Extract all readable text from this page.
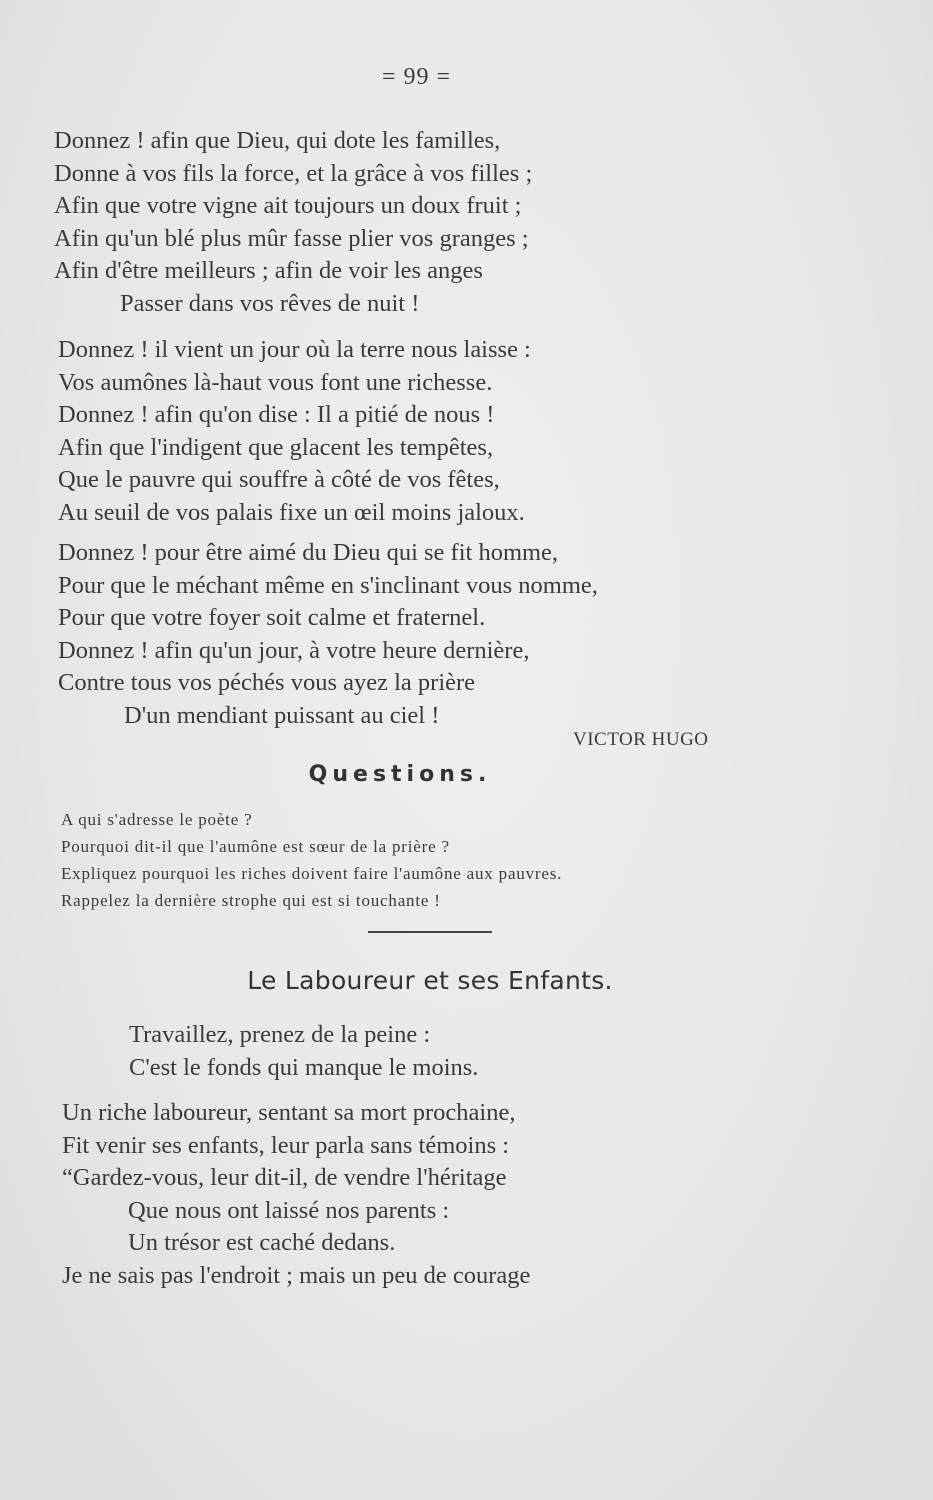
= 99 =
Donnez ! afin que Dieu, qui dote les familles,
Donne à vos fils la force, et la grâce à vos filles ;
Afin que votre vigne ait toujours un doux fruit ;
Afin qu'un blé plus mûr fasse plier vos granges ;
Afin d'être meilleurs ; afin de voir les anges
Passer dans vos rêves de nuit !
Donnez ! il vient un jour où la terre nous laisse :
Vos aumônes là-haut vous font une richesse.
Donnez ! afin qu'on dise : Il a pitié de nous !
Afin que l'indigent que glacent les tempêtes,
Que le pauvre qui souffre à côté de vos fêtes,
Au seuil de vos palais fixe un œil moins jaloux.
Donnez ! pour être aimé du Dieu qui se fit homme,
Pour que le méchant même en s'inclinant vous nomme,
Pour que votre foyer soit calme et fraternel.
Donnez ! afin qu'un jour, à votre heure dernière,
Contre tous vos péchés vous ayez la prière
D'un mendiant puissant au ciel !
VICTOR HUGO
Questions.
A qui s'adresse le poète ?
Pourquoi dit-il que l'aumône est sœur de la prière ?
Expliquez pourquoi les riches doivent faire l'aumône aux pauvres.
Rappelez la dernière strophe qui est si touchante !
Le Laboureur et ses Enfants.
Travaillez, prenez de la peine :
C'est le fonds qui manque le moins.
Un riche laboureur, sentant sa mort prochaine,
Fit venir ses enfants, leur parla sans témoins :
“Gardez-vous, leur dit-il, de vendre l'héritage
Que nous ont laissé nos parents :
Un trésor est caché dedans.
Je ne sais pas l'endroit ; mais un peu de courage
